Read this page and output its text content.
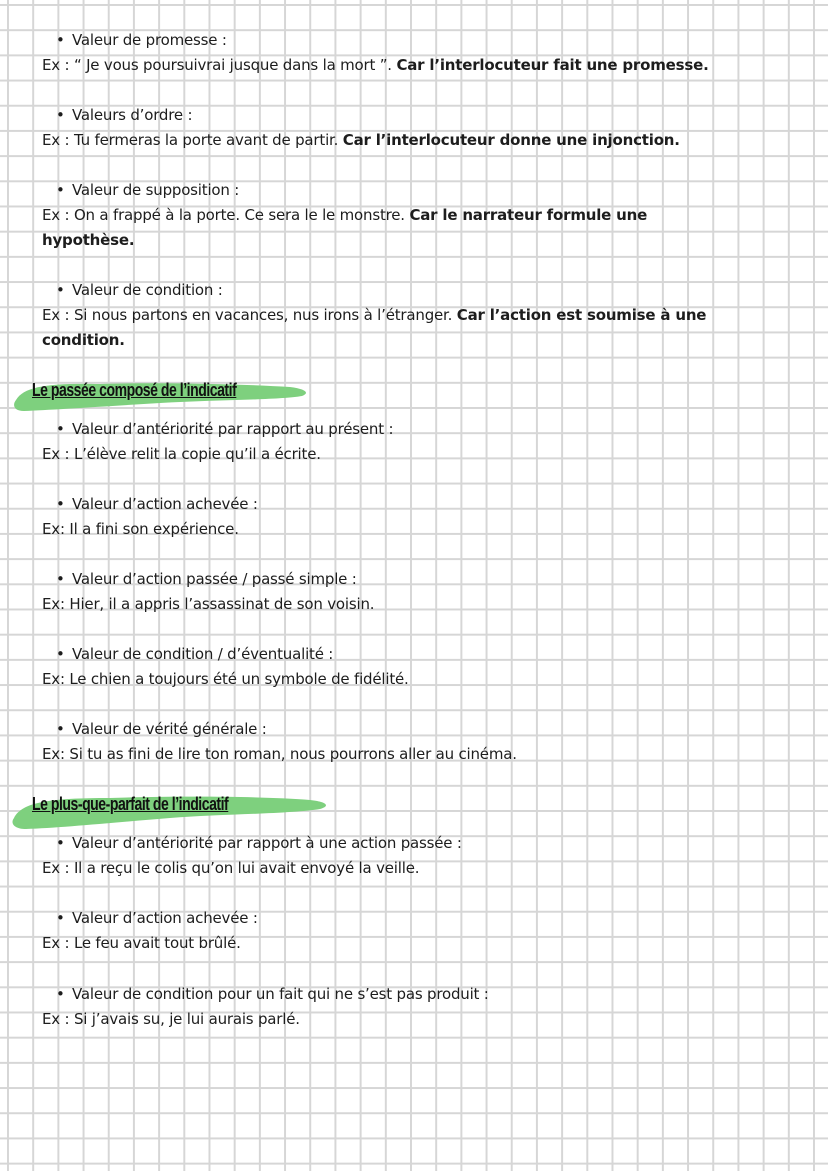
• Valeur de promesse :
Ex : “ Je vous poursuivrai jusque dans la mort ”. Car l’interlocuteur fait une promesse.
• Valeurs d’ordre :
Ex : Tu fermeras la porte avant de partir. Car l’interlocuteur donne une injonction.
• Valeur de supposition :
Ex : On a frappé à la porte. Ce sera le le monstre. Car le narrateur formule une
hypothèse.
• Valeur de condition :
Ex : Si nous partons en vacances, nus irons à l’étranger. Car l’action est soumise à une
condition.
Le passée composé de l’indicatif
• Valeur d’antériorité par rapport au présent :
Ex : L’élève relit la copie qu’il a écrite.
• Valeur d’action achevée :
Ex: Il a fini son expérience.
• Valeur d’action passée / passé simple :
Ex: Hier, il a appris l’assassinat de son voisin.
• Valeur de condition / d’éventualité :
Ex: Le chien a toujours été un symbole de fidélité.
• Valeur de vérité générale :
Ex: Si tu as fini de lire ton roman, nous pourrons aller au cinéma.
Le plus-que-parfait de l’indicatif
• Valeur d’antériorité par rapport à une action passée :
Ex : Il a reçu le colis qu’on lui avait envoyé la veille.
• Valeur d’action achevée :
Ex : Le feu avait tout brûlé.
• Valeur de condition pour un fait qui ne s’est pas produit :
Ex : Si j’avais su, je lui aurais parlé.
